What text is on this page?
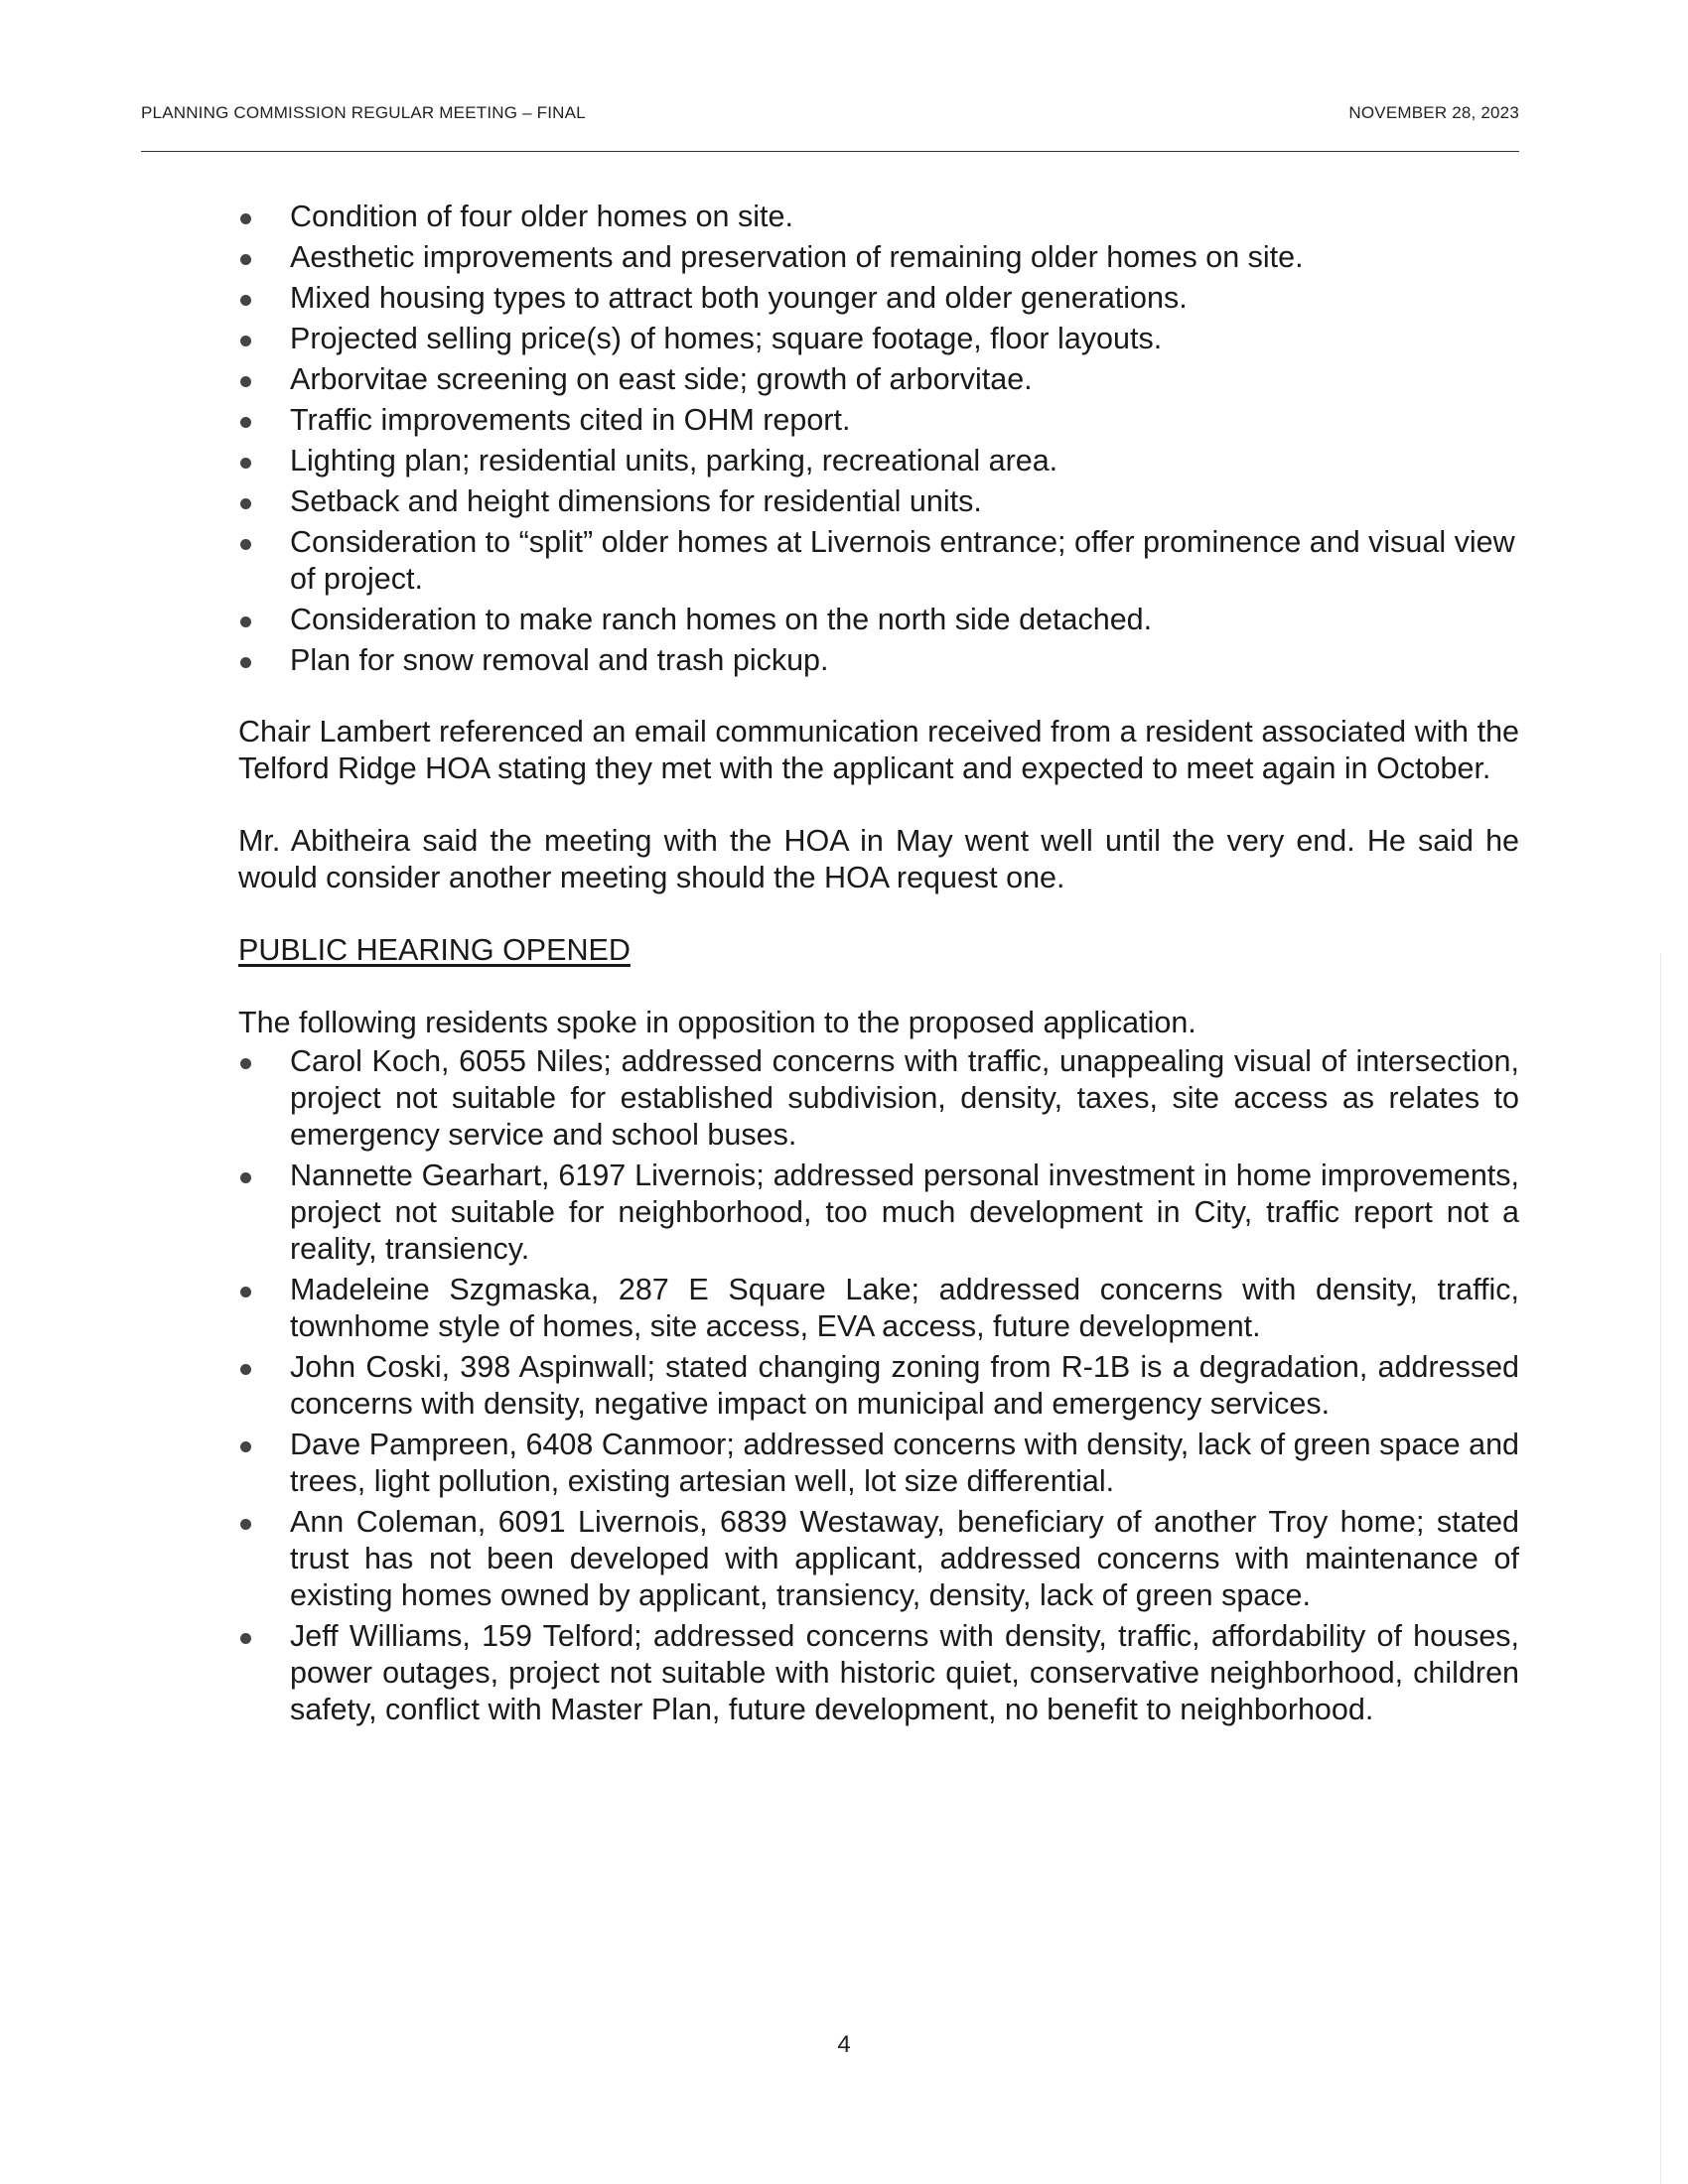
PLANNING COMMISSION REGULAR MEETING – FINAL	NOVEMBER 28, 2023
Condition of four older homes on site.
Aesthetic improvements and preservation of remaining older homes on site.
Mixed housing types to attract both younger and older generations.
Projected selling price(s) of homes; square footage, floor layouts.
Arborvitae screening on east side; growth of arborvitae.
Traffic improvements cited in OHM report.
Lighting plan; residential units, parking, recreational area.
Setback and height dimensions for residential units.
Consideration to “split” older homes at Livernois entrance; offer prominence and visual view of project.
Consideration to make ranch homes on the north side detached.
Plan for snow removal and trash pickup.

Chair Lambert referenced an email communication received from a resident associated with the Telford Ridge HOA stating they met with the applicant and expected to meet again in October.

Mr. Abitheira said the meeting with the HOA in May went well until the very end. He said he would consider another meeting should the HOA request one.

PUBLIC HEARING OPENED

The following residents spoke in opposition to the proposed application.

Carol Koch, 6055 Niles; addressed concerns with traffic, unappealing visual of intersection, project not suitable for established subdivision, density, taxes, site access as relates to emergency service and school buses.
Nannette Gearhart, 6197 Livernois; addressed personal investment in home improvements, project not suitable for neighborhood, too much development in City, traffic report not a reality, transiency.
Madeleine Szgmaska, 287 E Square Lake; addressed concerns with density, traffic, townhome style of homes, site access, EVA access, future development.
John Coski, 398 Aspinwall; stated changing zoning from R-1B is a degradation, addressed concerns with density, negative impact on municipal and emergency services.
Dave Pampreen, 6408 Canmoor; addressed concerns with density, lack of green space and trees, light pollution, existing artesian well, lot size differential.
Ann Coleman, 6091 Livernois, 6839 Westaway, beneficiary of another Troy home; stated trust has not been developed with applicant, addressed concerns with maintenance of existing homes owned by applicant, transiency, density, lack of green space.
Jeff Williams, 159 Telford; addressed concerns with density, traffic, affordability of houses, power outages, project not suitable with historic quiet, conservative neighborhood, children safety, conflict with Master Plan, future development, no benefit to neighborhood.
4
